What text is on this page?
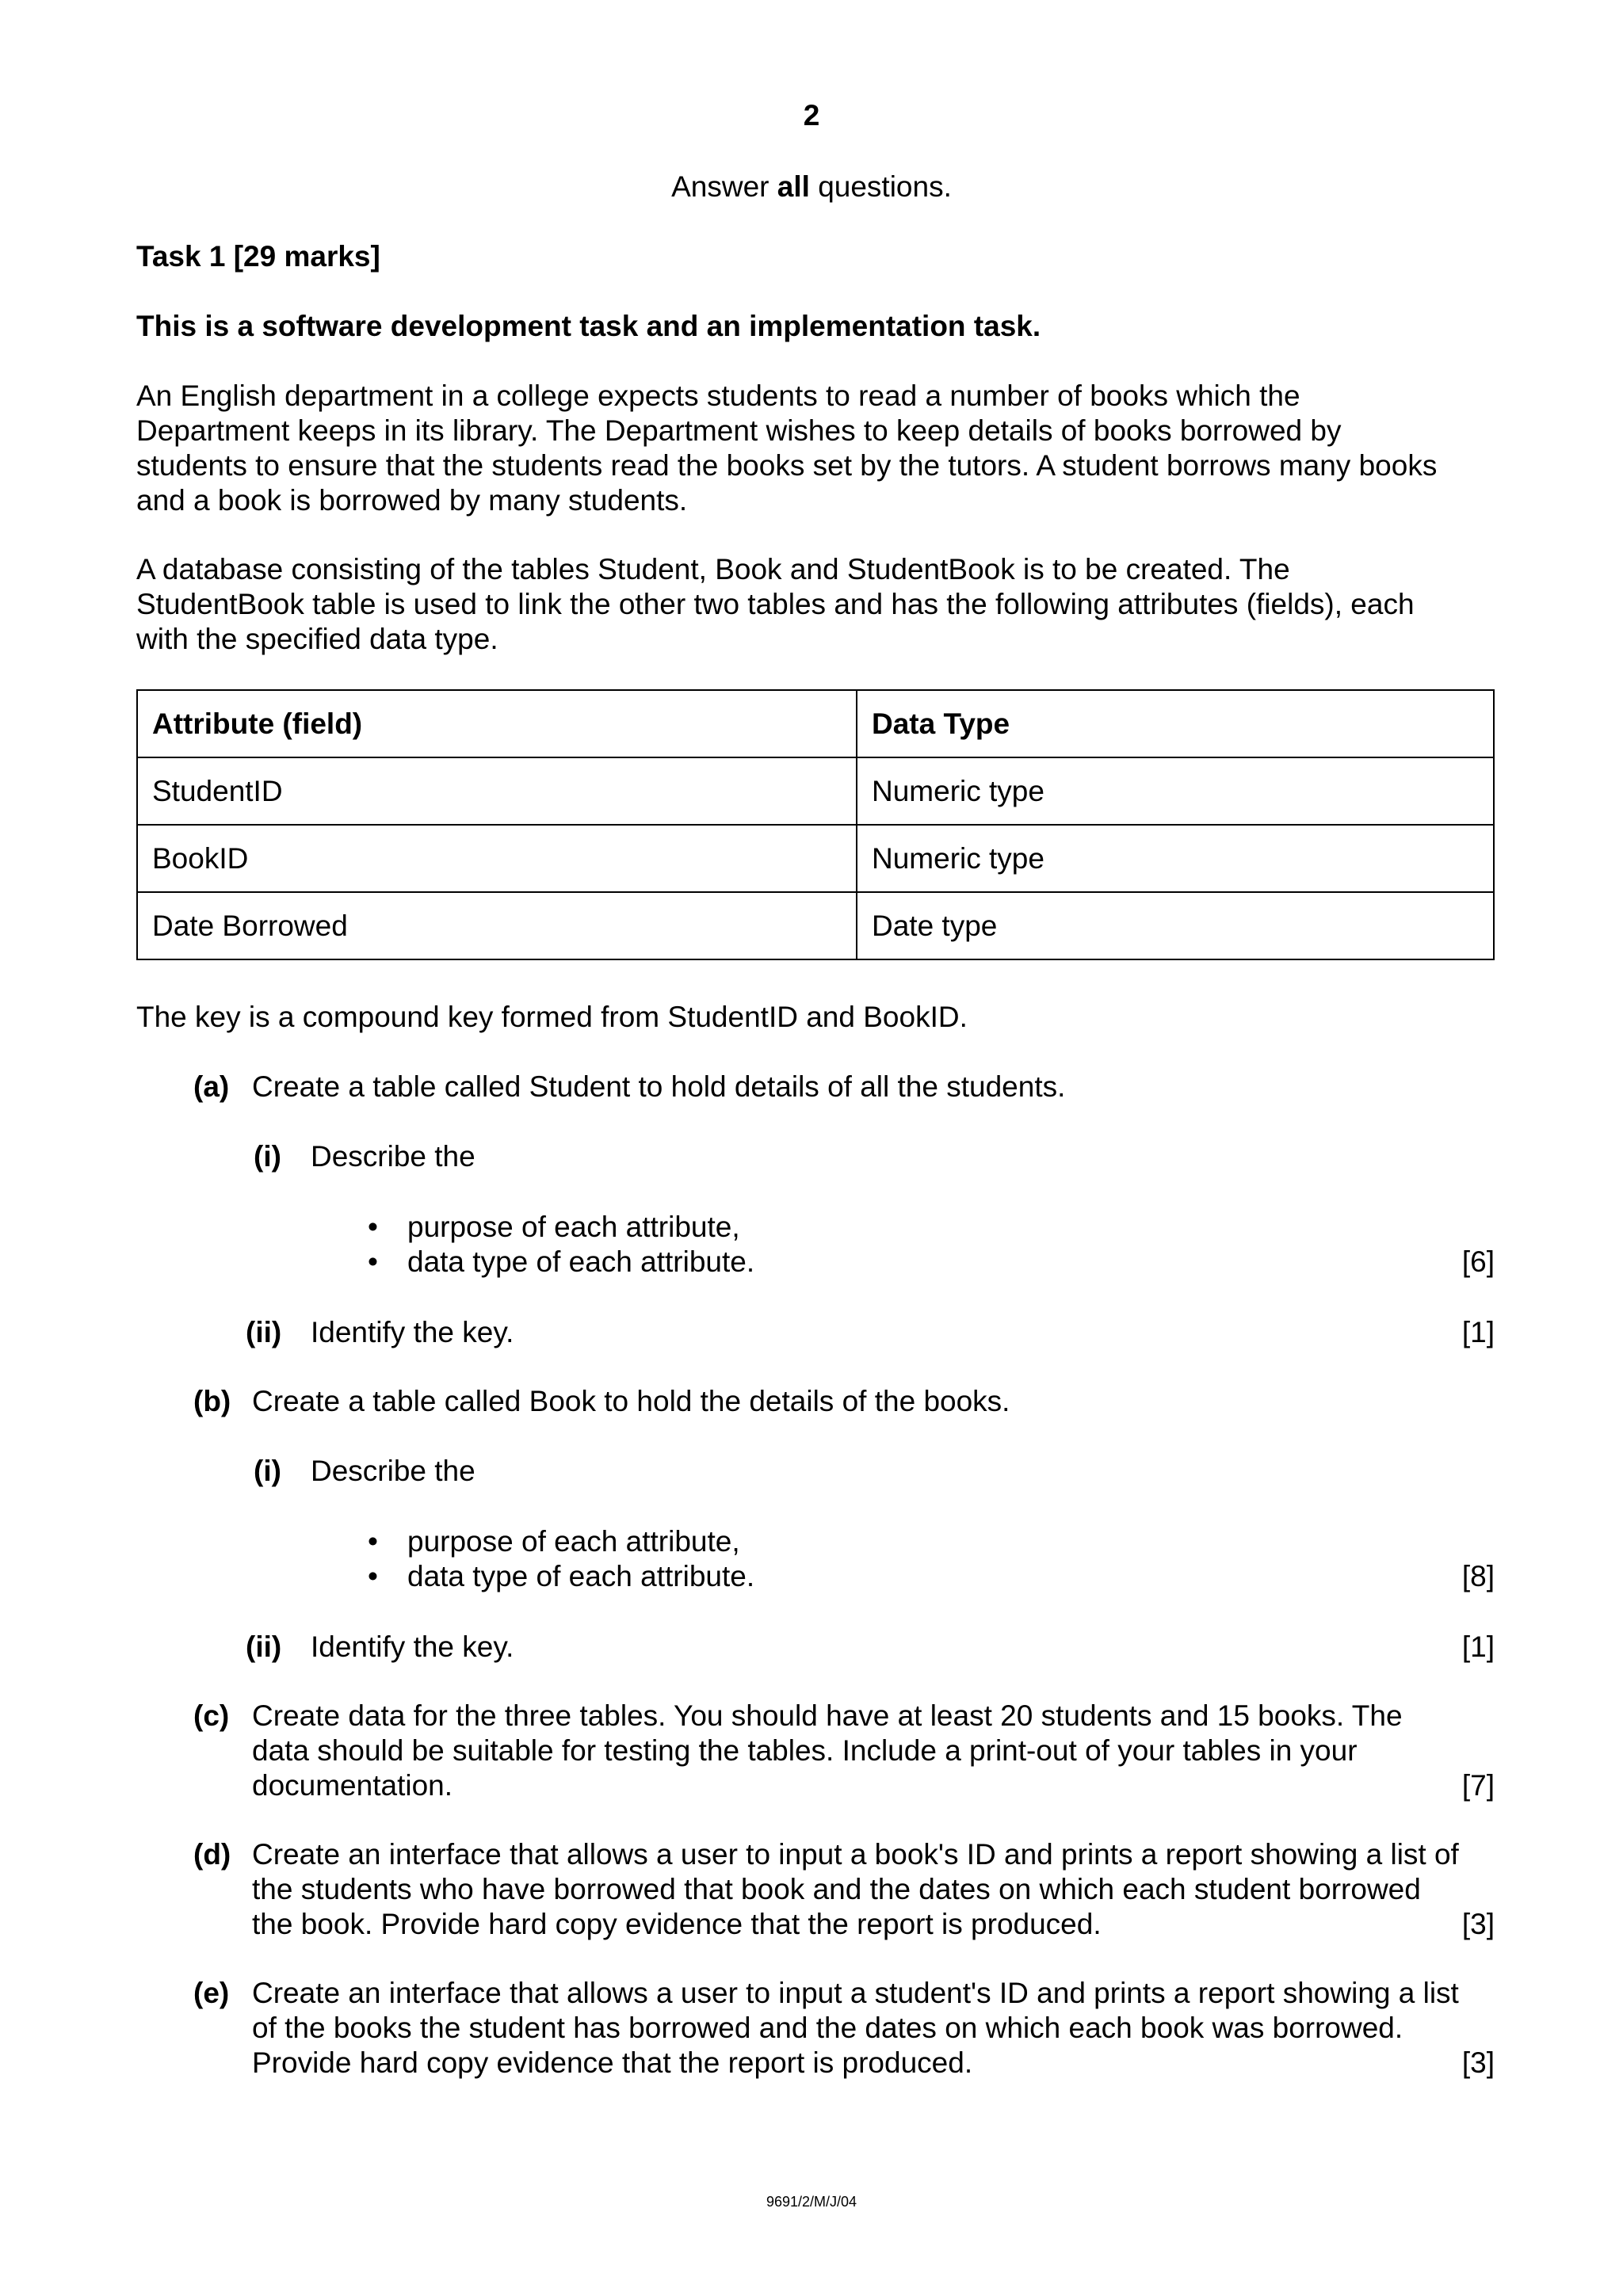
2
Answer all questions.
Task 1 [29 marks]
This is a software development task and an implementation task.
An English department in a college expects students to read a number of books which the
Department keeps in its library. The Department wishes to keep details of books borrowed by
students to ensure that the students read the books set by the tutors. A student borrows many books
and a book is borrowed by many students.
A database consisting of the tables Student, Book and StudentBook is to be created. The
StudentBook table is used to link the other two tables and has the following attributes (fields), each
with the specified data type.
Attribute (field)	Data Type
StudentID	Numeric type
BookID	Numeric type
Date Borrowed	Date type
The key is a compound key formed from StudentID and BookID.
(a) Create a table called Student to hold details of all the students.
(i) Describe the
• purpose of each attribute,
• data type of each attribute.	[6]
(ii) Identify the key.	[1]
(b) Create a table called Book to hold the details of the books.
(i) Describe the
• purpose of each attribute,
• data type of each attribute.	[8]
(ii) Identify the key.	[1]
(c) Create data for the three tables. You should have at least 20 students and 15 books. The
data should be suitable for testing the tables. Include a print-out of your tables in your
documentation.	[7]
(d) Create an interface that allows a user to input a book's ID and prints a report showing a list of
the students who have borrowed that book and the dates on which each student borrowed
the book. Provide hard copy evidence that the report is produced.	[3]
(e) Create an interface that allows a user to input a student's ID and prints a report showing a list
of the books the student has borrowed and the dates on which each book was borrowed.
Provide hard copy evidence that the report is produced.	[3]
9691/2/M/J/04
